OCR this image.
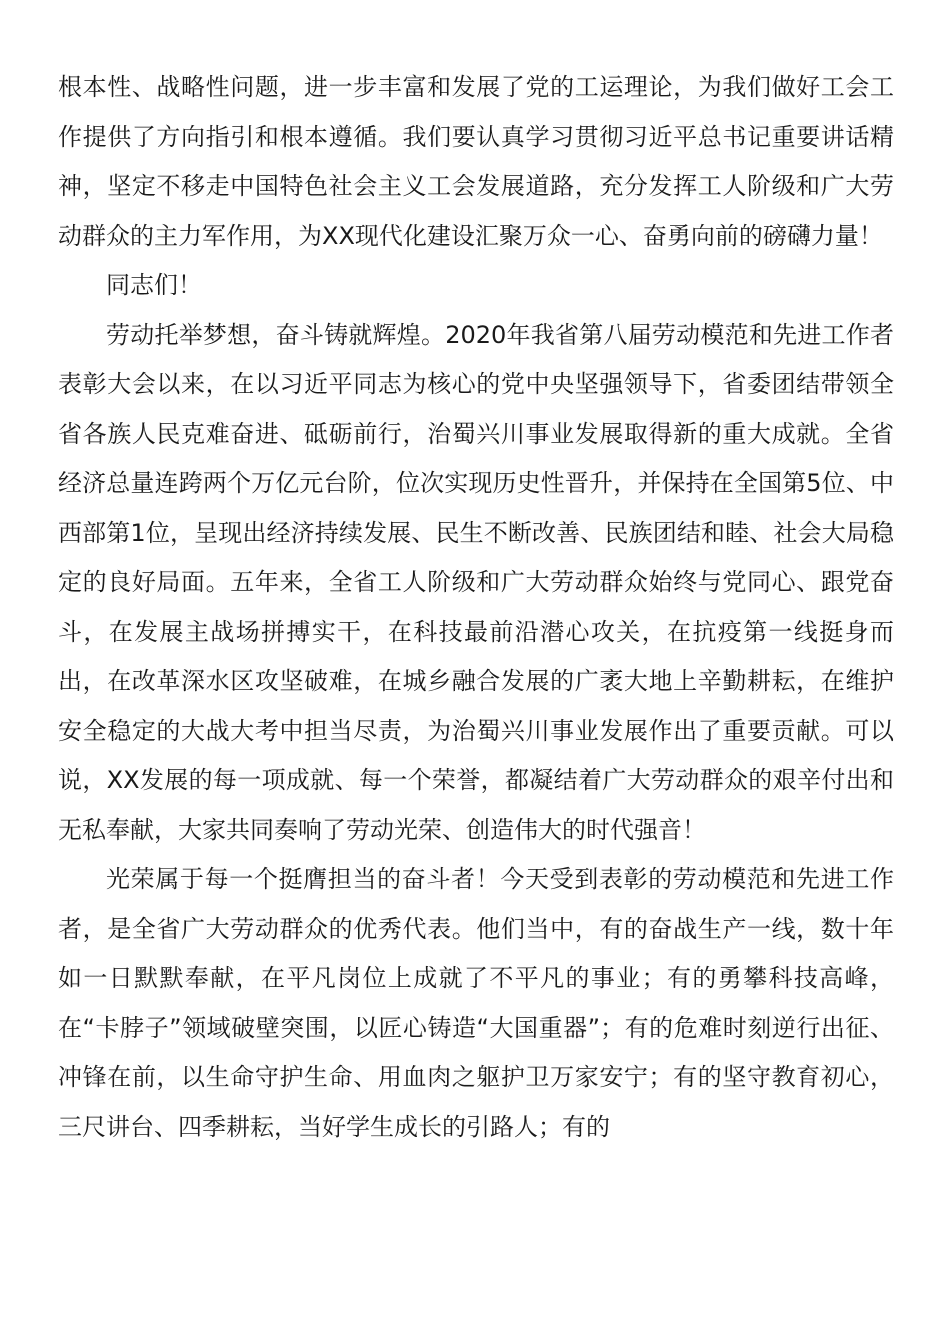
根本性、战略性问题，进一步丰富和发展了党的工运理论，为我们做好工会工作提供了方向指引和根本遵循。我们要认真学习贯彻习近平总书记重要讲话精神，坚定不移走中国特色社会主义工会发展道路，充分发挥工人阶级和广大劳动群众的主力军作用，为XX现代化建设汇聚万众一心、奋勇向前的磅礴力量！

同志们！

劳动托举梦想，奋斗铸就辉煌。2020年我省第八届劳动模范和先进工作者表彰大会以来，在以习近平同志为核心的党中央坚强领导下，省委团结带领全省各族人民克难奋进、砥砺前行，治蜀兴川事业发展取得新的重大成就。全省经济总量连跨两个万亿元台阶，位次实现历史性晋升，并保持在全国第5位、中西部第1位，呈现出经济持续发展、民生不断改善、民族团结和睦、社会大局稳定的良好局面。五年来，全省工人阶级和广大劳动群众始终与党同心、跟党奋斗，在发展主战场拼搏实干，在科技最前沿潜心攻关，在抗疫第一线挺身而出，在改革深水区攻坚破难，在城乡融合发展的广袤大地上辛勤耕耘，在维护安全稳定的大战大考中担当尽责，为治蜀兴川事业发展作出了重要贡献。可以说，XX发展的每一项成就、每一个荣誉，都凝结着广大劳动群众的艰辛付出和无私奉献，大家共同奏响了劳动光荣、创造伟大的时代强音！

光荣属于每一个挺膺担当的奋斗者！今天受到表彰的劳动模范和先进工作者，是全省广大劳动群众的优秀代表。他们当中，有的奋战生产一线，数十年如一日默默奉献，在平凡岗位上成就了不平凡的事业；有的勇攀科技高峰，在“卡脖子”领域破壁突围，以匠心铸造“大国重器”；有的危难时刻逆行出征、冲锋在前，以生命守护生命、用血肉之躯护卫万家安宁；有的坚守教育初心，三尺讲台、四季耕耘，当好学生成长的引路人；有的
